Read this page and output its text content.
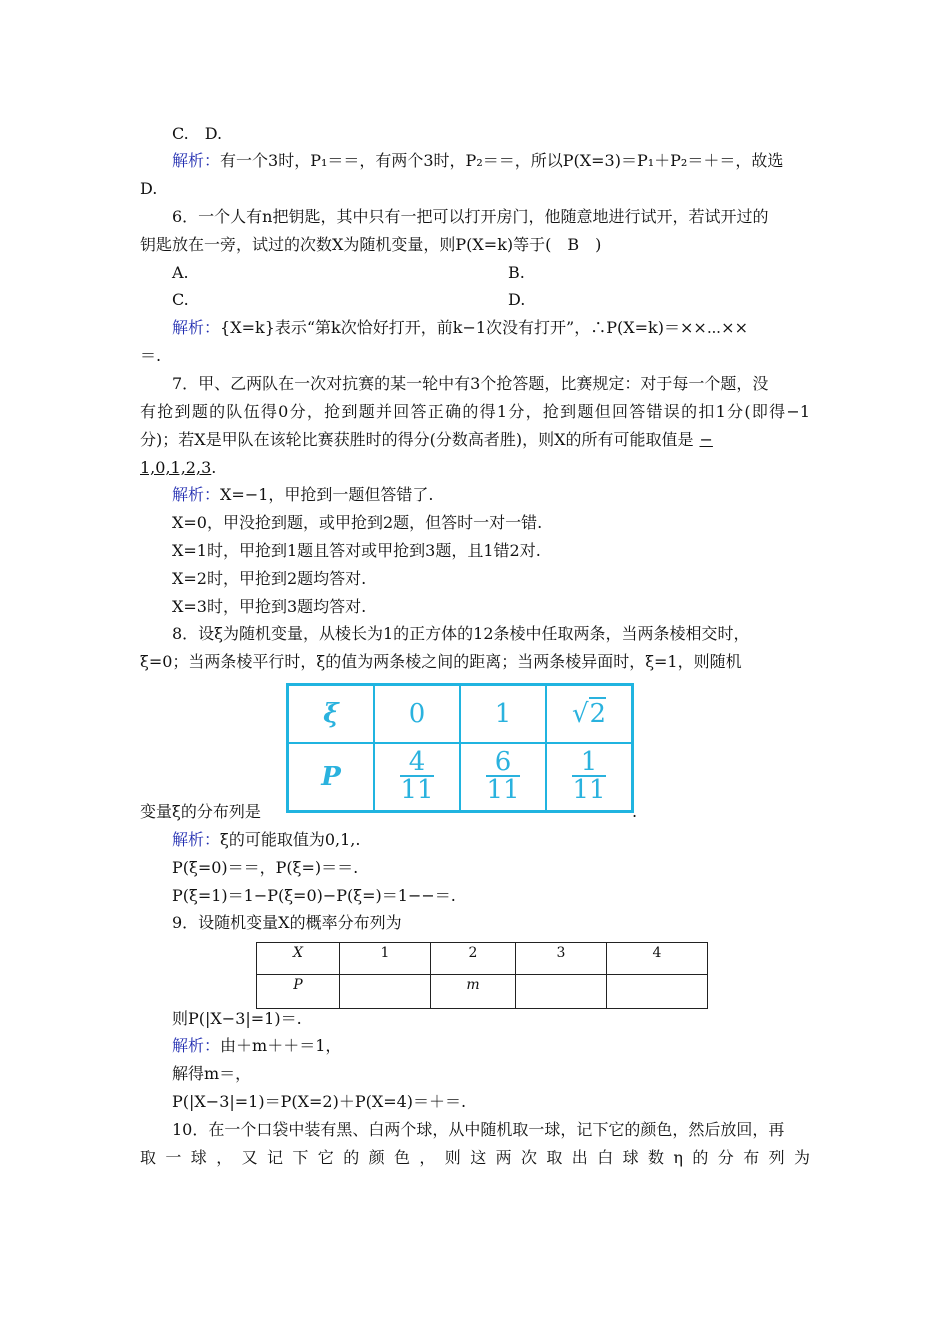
C.　D.
解析：有一个3时，P₁＝＝，有两个3时，P₂＝＝，所以P(X=3)＝P₁＋P₂＝＋＝，故选
D.
6．一个人有n把钥匙，其中只有一把可以打开房门，他随意地进行试开，若试开过的
钥匙放在一旁，试过的次数X为随机变量，则P(X=k)等于(　B　)
A.	B.
C.	D.
解析：{X=k}表示“第k次恰好打开，前k−1次没有打开”，∴P(X=k)＝××⋯××
＝.
7．甲、乙两队在一次对抗赛的某一轮中有3个抢答题，比赛规定：对于每一个题，没
有抢到题的队伍得0分，抢到题并回答正确的得1分，抢到题但回答错误的扣1分(即得−1
分)；若X是甲队在该轮比赛获胜时的得分(分数高者胜)，则X的所有可能取值是 −
1,0,1,2,3.
解析：X=−1，甲抢到一题但答错了.
X=0，甲没抢到题，或甲抢到2题，但答时一对一错.
X=1时，甲抢到1题且答对或甲抢到3题，且1错2对.
X=2时，甲抢到2题均答对.
X=3时，甲抢到3题均答对.
8．设ξ为随机变量，从棱长为1的正方体的12条棱中任取两条，当两条棱相交时，
ξ=0；当两条棱平行时，ξ的值为两条棱之间的距离；当两条棱异面时，ξ=1，则随机
ξ	0	1	√2
P	$\frac{4}{11}$	$\frac{6}{11}$	$\frac{1}{11}$
变量ξ的分布列是	.
解析：ξ的可能取值为0,1,.
P(ξ=0)＝＝，P(ξ=)＝＝.
P(ξ=1)＝1−P(ξ=0)−P(ξ=)＝1−−＝.
9．设随机变量X的概率分布列为
X	1	2	3	4
P		m		
则P(|X−3|=1)＝.
解析：由＋m＋＋＝1，
解得m＝，
P(|X−3|=1)＝P(X=2)＋P(X=4)＝＋＝.
10．在一个口袋中装有黑、白两个球，从中随机取一球，记下它的颜色，然后放回，再
取一球，又记下它的颜色，则这两次取出白球数η的分布列为
